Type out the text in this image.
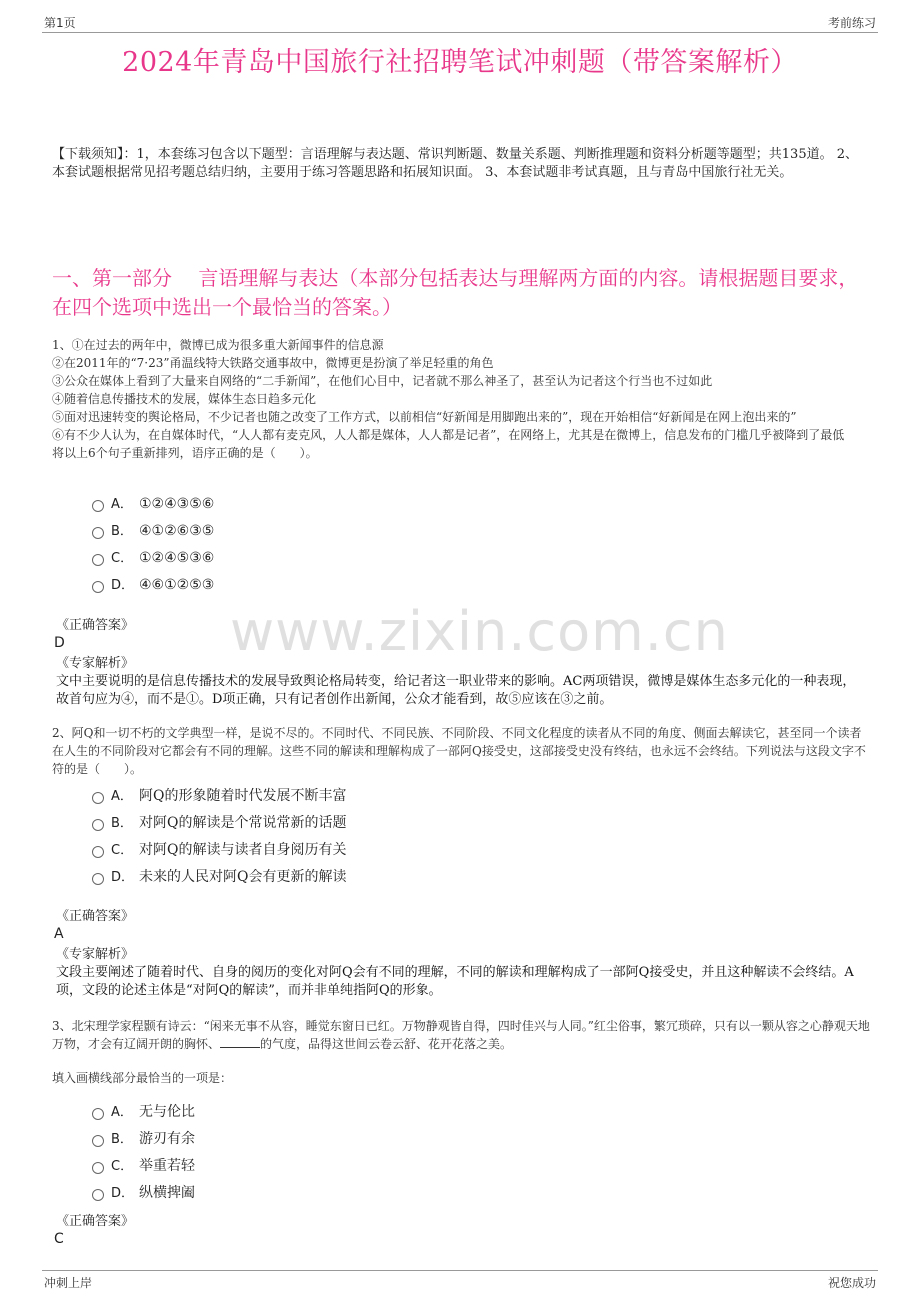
第1页	考前练习
2024年青岛中国旅行社招聘笔试冲刺题（带答案解析）
【下载须知】：1，本套练习包含以下题型：言语理解与表达题、常识判断题、数量关系题、判断推理题和资料分析题等题型；共135道。 2、本套试题根据常见招考题总结归纳，主要用于练习答题思路和拓展知识面。 3、本套试题非考试真题，且与青岛中国旅行社无关。
一、第一部分　 言语理解与表达（本部分包括表达与理解两方面的内容。请根据题目要求，在四个选项中选出一个最恰当的答案。）
www.zixin.com.cn
1、①在过去的两年中，微博已成为很多重大新闻事件的信息源
②在2011年的“7·23”甬温线特大铁路交通事故中，微博更是扮演了举足轻重的角色
③公众在媒体上看到了大量来自网络的“二手新闻”，在他们心目中，记者就不那么神圣了，甚至认为记者这个行当也不过如此
④随着信息传播技术的发展，媒体生态日趋多元化
⑤面对迅速转变的舆论格局，不少记者也随之改变了工作方式，以前相信“好新闻是用脚跑出来的”，现在开始相信“好新闻是在网上泡出来的”
⑥有不少人认为，在自媒体时代，“人人都有麦克风，人人都是媒体，人人都是记者”，在网络上，尤其是在微博上，信息发布的门槛几乎被降到了最低
将以上6个句子重新排列，语序正确的是（　　）。
A． ①②④③⑤⑥
B． ④①②⑥③⑤
C． ①②④⑤③⑥
D． ④⑥①②⑤③
《正确答案》
D
《专家解析》
文中主要说明的是信息传播技术的发展导致舆论格局转变，给记者这一职业带来的影响。AC两项错误，微博是媒体生态多元化的一种表现，故首句应为④，而不是①。D项正确，只有记者创作出新闻，公众才能看到，故⑤应该在③之前。
2、阿Q和一切不朽的文学典型一样，是说不尽的。不同时代、不同民族、不同阶段、不同文化程度的读者从不同的角度、侧面去解读它，甚至同一个读者在人生的不同阶段对它都会有不同的理解。这些不同的解读和理解构成了一部阿Q接受史，这部接受史没有终结，也永远不会终结。下列说法与这段文字不符的是（　　）。
A． 阿Q的形象随着时代发展不断丰富
B． 对阿Q的解读是个常说常新的话题
C． 对阿Q的解读与读者自身阅历有关
D． 未来的人民对阿Q会有更新的解读
《正确答案》
A
《专家解析》
文段主要阐述了随着时代、自身的阅历的变化对阿Q会有不同的理解，不同的解读和理解构成了一部阿Q接受史，并且这种解读不会终结。A项，文段的论述主体是“对阿Q的解读”，而并非单纯指阿Q的形象。
3、北宋理学家程颢有诗云：“闲来无事不从容，睡觉东窗日已红。万物静观皆自得，四时佳兴与人同。”红尘俗事，繁冗琐碎，只有以一颗从容之心静观天地万物，才会有辽阔开朗的胸怀、	的气度，品得这世间云卷云舒、花开花落之美。
填入画横线部分最恰当的一项是：
A． 无与伦比
B． 游刃有余
C． 举重若轻
D． 纵横捭阖
《正确答案》
C
冲刺上岸	祝您成功
